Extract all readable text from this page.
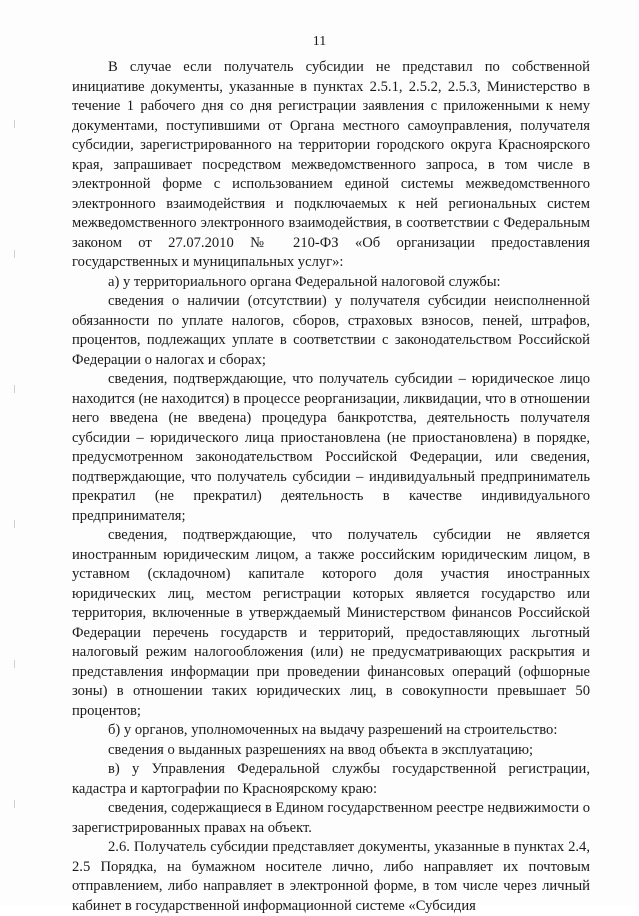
11

В случае если получатель субсидии не представил по собственной инициативе документы, указанные в пунктах 2.5.1, 2.5.2, 2.5.3, Министерство в течение 1 рабочего дня со дня регистрации заявления с приложенными к нему документами, поступившими от Органа местного самоуправления, получателя субсидии, зарегистрированного на территории городского округа Красноярского края, запрашивает посредством межведомственного запроса, в том числе в электронной форме с использованием единой системы межведомственного электронного взаимодействия и подключаемых к ней региональных систем межведомственного электронного взаимодействия, в соответствии с Федеральным законом от 27.07.2010 № 210-ФЗ «Об организации предоставления государственных и муниципальных услуг»:

а) у территориального органа Федеральной налоговой службы:

сведения о наличии (отсутствии) у получателя субсидии неисполненной обязанности по уплате налогов, сборов, страховых взносов, пеней, штрафов, процентов, подлежащих уплате в соответствии с законодательством Российской Федерации о налогах и сборах;

сведения, подтверждающие, что получатель субсидии – юридическое лицо находится (не находится) в процессе реорганизации, ликвидации, что в отношении него введена (не введена) процедура банкротства, деятельность получателя субсидии – юридического лица приостановлена (не приостановлена) в порядке, предусмотренном законодательством Российской Федерации, или сведения, подтверждающие, что получатель субсидии – индивидуальный предприниматель прекратил (не прекратил) деятельность в качестве индивидуального предпринимателя;

сведения, подтверждающие, что получатель субсидии не является иностранным юридическим лицом, а также российским юридическим лицом, в уставном (складочном) капитале которого доля участия иностранных юридических лиц, местом регистрации которых является государство или территория, включенные в утверждаемый Министерством финансов Российской Федерации перечень государств и территорий, предоставляющих льготный налоговый режим налогообложения (или) не предусматривающих раскрытия и представления информации при проведении финансовых операций (офшорные зоны) в отношении таких юридических лиц, в совокупности превышает 50 процентов;

б) у органов, уполномоченных на выдачу разрешений на строительство:

сведения о выданных разрешениях на ввод объекта в эксплуатацию;

в) у Управления Федеральной службы государственной регистрации, кадастра и картографии по Красноярскому краю:

сведения, содержащиеся в Едином государственном реестре недвижимости о зарегистрированных правах на объект.

2.6. Получатель субсидии представляет документы, указанные в пунктах 2.4, 2.5 Порядка, на бумажном носителе лично, либо направляет их почтовым отправлением, либо направляет в электронной форме, в том числе через личный кабинет в государственной информационной системе «Субсидия
